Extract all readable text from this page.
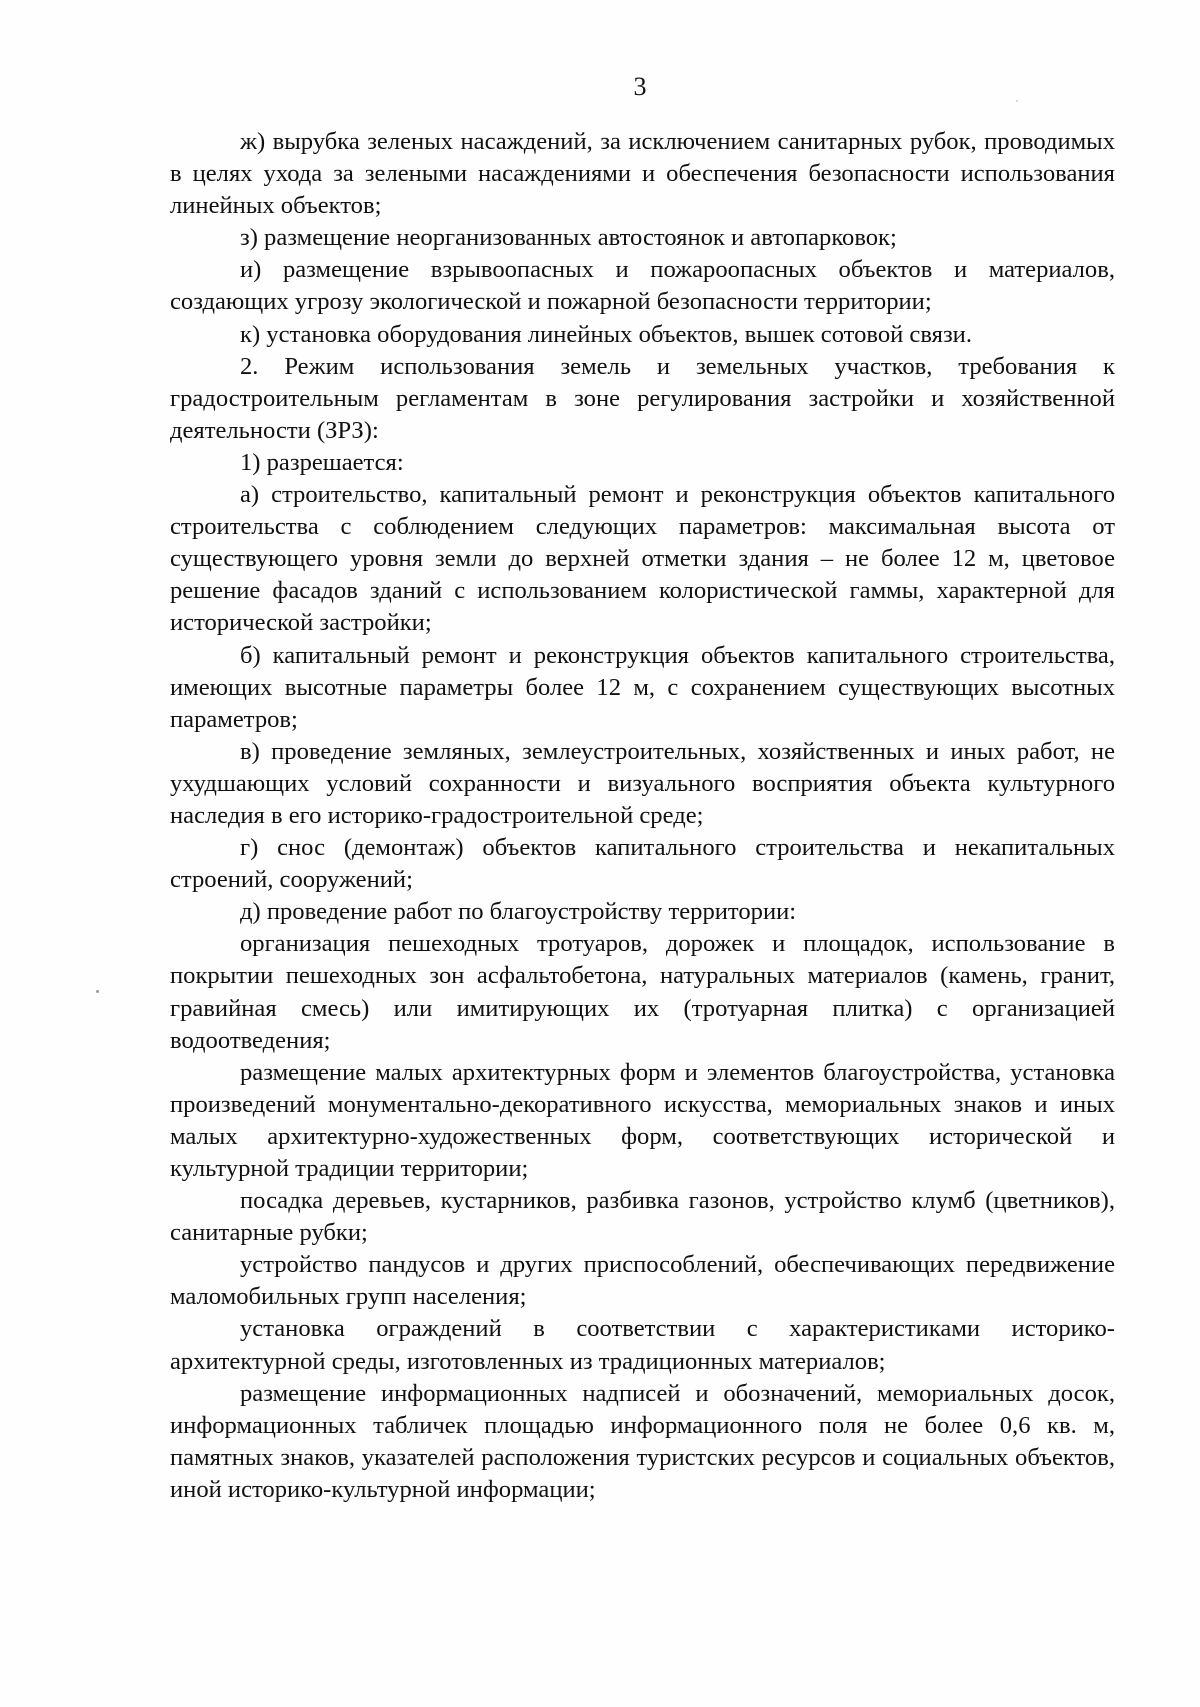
3

ж) вырубка зеленых насаждений, за исключением санитарных рубок, проводимых в целях ухода за зелеными насаждениями и обеспечения безопасности использования линейных объектов;

з) размещение неорганизованных автостоянок и автопарковок;

и) размещение взрывоопасных и пожароопасных объектов и материалов, создающих угрозу экологической и пожарной безопасности территории;

к) установка оборудования линейных объектов, вышек сотовой связи.

2. Режим использования земель и земельных участков, требования к градостроительным регламентам в зоне регулирования застройки и хозяйственной деятельности (ЗРЗ):

1) разрешается:

а) строительство, капитальный ремонт и реконструкция объектов капитального строительства с соблюдением следующих параметров: максимальная высота от существующего уровня земли до верхней отметки здания – не более 12 м, цветовое решение фасадов зданий с использованием колористической гаммы, характерной для исторической застройки;

б) капитальный ремонт и реконструкция объектов капитального строительства, имеющих высотные параметры более 12 м, с сохранением существующих высотных параметров;

в) проведение земляных, землеустроительных, хозяйственных и иных работ, не ухудшающих условий сохранности и визуального восприятия объекта культурного наследия в его историко-градостроительной среде;

г) снос (демонтаж) объектов капитального строительства и некапитальных строений, сооружений;

д) проведение работ по благоустройству территории:

организация пешеходных тротуаров, дорожек и площадок, использование в покрытии пешеходных зон асфальтобетона, натуральных материалов (камень, гранит, гравийная смесь) или имитирующих их (тротуарная плитка) с организацией водоотведения;

размещение малых архитектурных форм и элементов благоустройства, установка произведений монументально-декоративного искусства, мемориальных знаков и иных малых архитектурно-художественных форм, соответствующих исторической и культурной традиции территории;

посадка деревьев, кустарников, разбивка газонов, устройство клумб (цветников), санитарные рубки;

устройство пандусов и других приспособлений, обеспечивающих передвижение маломобильных групп населения;

установка ограждений в соответствии с характеристиками историко-архитектурной среды, изготовленных из традиционных материалов;

размещение информационных надписей и обозначений, мемориальных досок, информационных табличек площадью информационного поля не более 0,6 кв. м, памятных знаков, указателей расположения туристских ресурсов и социальных объектов, иной историко-культурной информации;
